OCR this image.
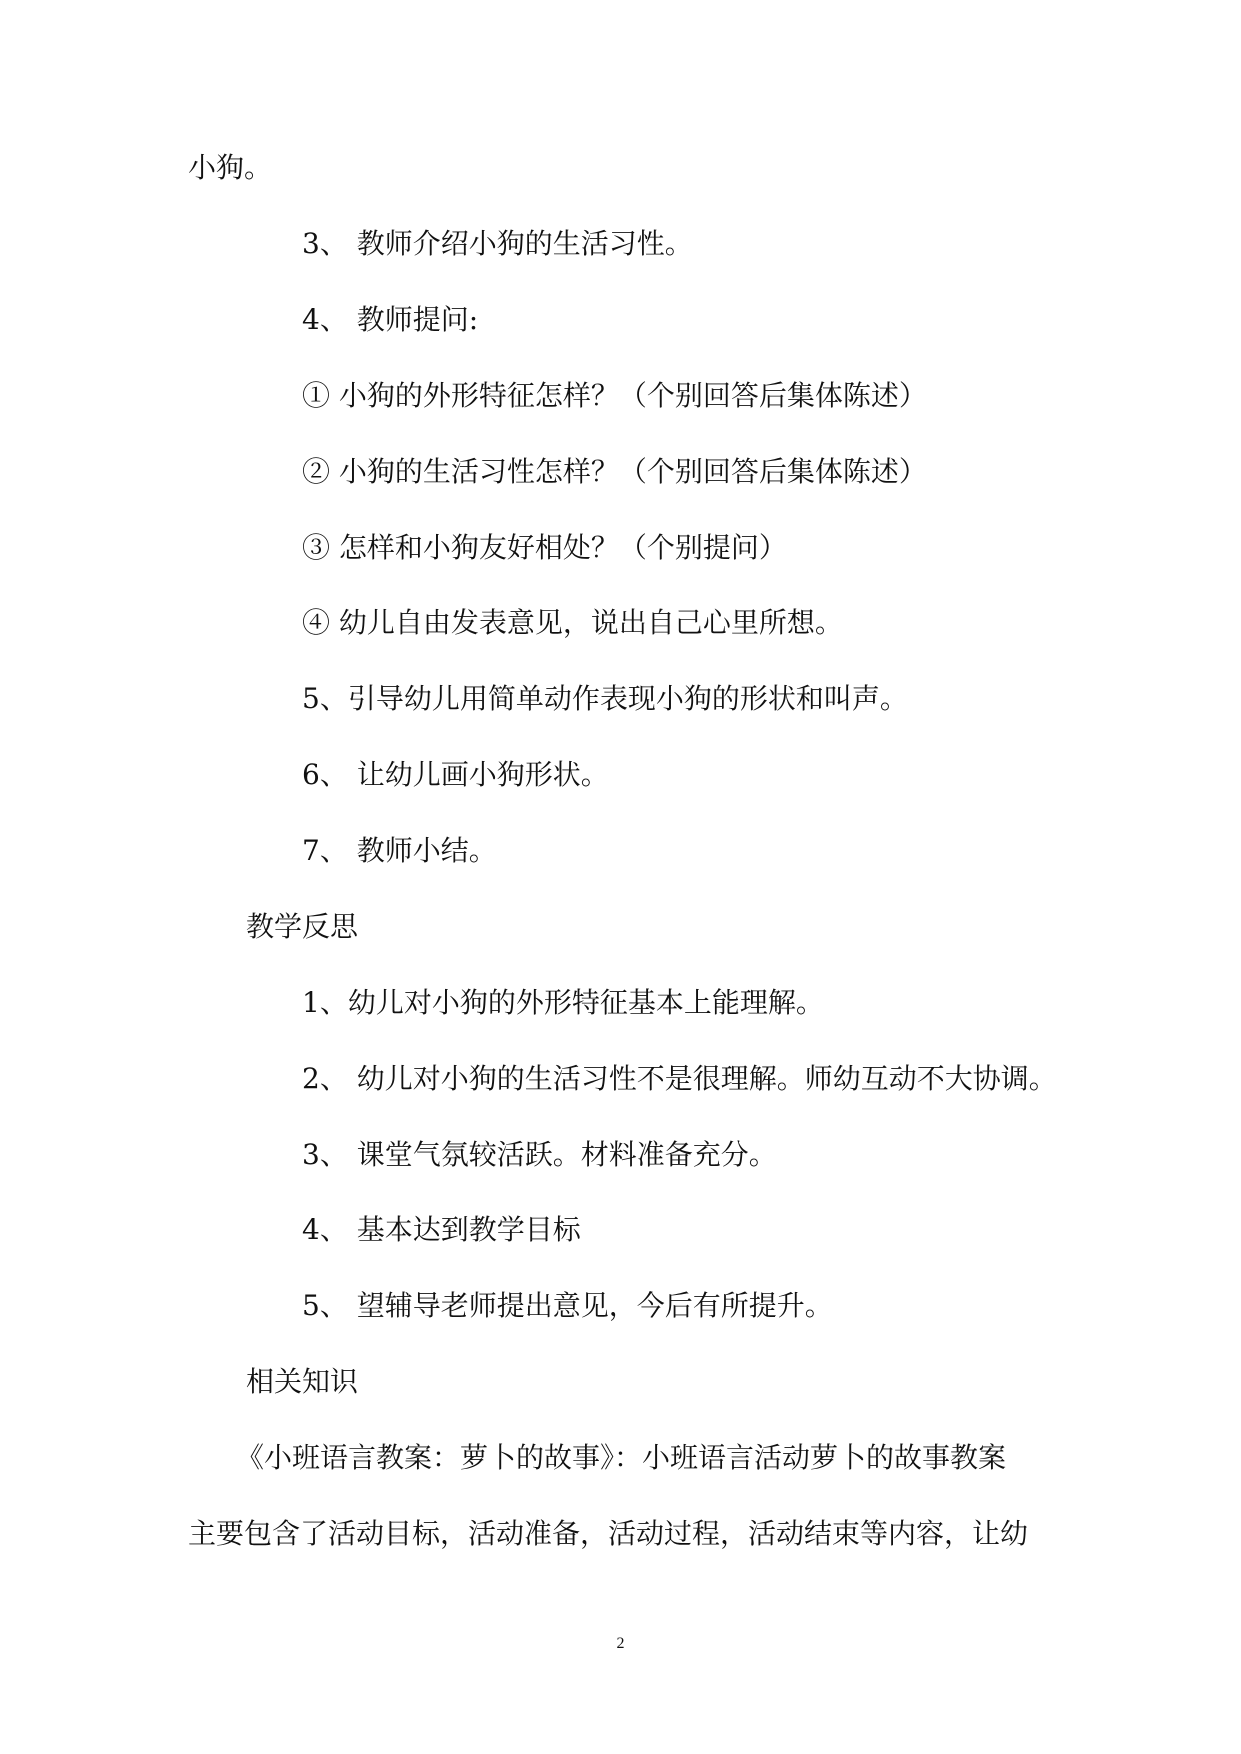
小狗。
3、 教师介绍小狗的生活习性。
4、 教师提问:
① 小狗的外形特征怎样？（个别回答后集体陈述）
② 小狗的生活习性怎样？（个别回答后集体陈述）
③ 怎样和小狗友好相处？（个别提问）
④ 幼儿自由发表意见，说出自己心里所想。
5、引导幼儿用简单动作表现小狗的形状和叫声。
6、 让幼儿画小狗形状。
7、 教师小结。
教学反思
1、幼儿对小狗的外形特征基本上能理解。
2、 幼儿对小狗的生活习性不是很理解。师幼互动不大协调。
3、 课堂气氛较活跃。材料准备充分。
4、 基本达到教学目标
5、 望辅导老师提出意见，今后有所提升。
相关知识
《小班语言教案：萝卜的故事》：小班语言活动萝卜的故事教案
主要包含了活动目标，活动准备，活动过程，活动结束等内容，让幼
2
